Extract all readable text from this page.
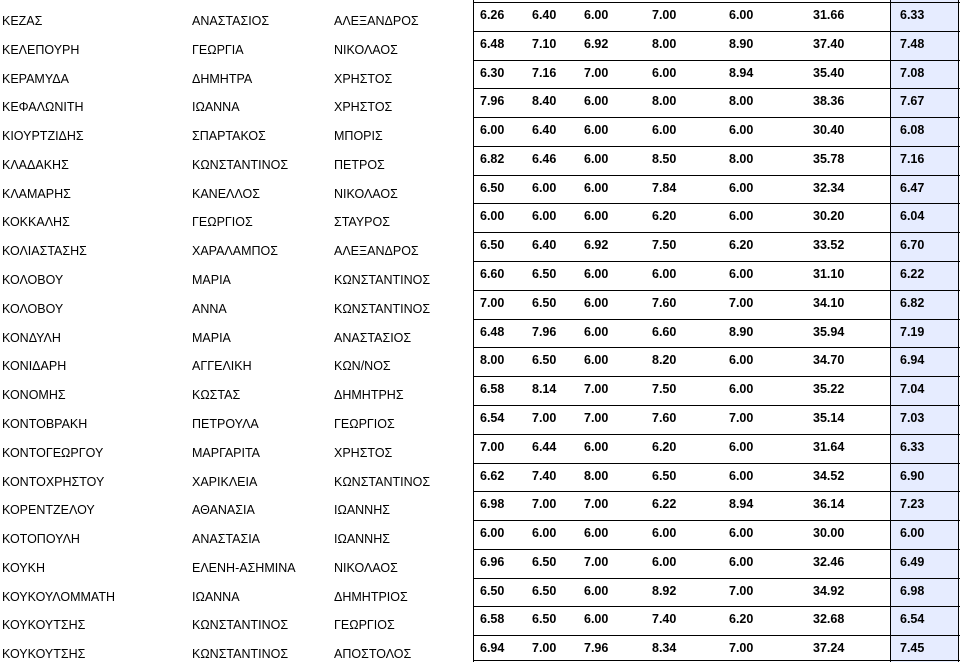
ΚΕΖΑΣ	ΑΝΑΣΤΑΣΙΟΣ	ΑΛΕΞΑΝΔΡΟΣ	6.26 6.40 6.00	7.00	6.00	31.66	6.33
ΚΕΛΕΠΟΥΡΗ	ΓΕΩΡΓΙΑ	ΝΙΚΟΛΑΟΣ	6.48 7.10 6.92	8.00	8.90	37.40	7.48
ΚΕΡΑΜΥΔΑ	ΔΗΜΗΤΡΑ	ΧΡΗΣΤΟΣ	6.30 7.16 7.00	6.00	8.94	35.40	7.08
ΚΕΦΑΛΩΝΙΤΗ	ΙΩΑΝΝΑ	ΧΡΗΣΤΟΣ	7.96 8.40 6.00	8.00	8.00	38.36	7.67
ΚΙΟΥΡΤΖΙΔΗΣ	ΣΠΑΡΤΑΚΟΣ	ΜΠΟΡΙΣ	6.00 6.40 6.00	6.00	6.00	30.40	6.08
ΚΛΑΔΑΚΗΣ	ΚΩΝΣΤΑΝΤΙΝΟΣ	ΠΕΤΡΟΣ	6.82 6.46 6.00	8.50	8.00	35.78	7.16
ΚΛΑΜΑΡΗΣ	ΚΑΝΕΛΛΟΣ	ΝΙΚΟΛΑΟΣ	6.50 6.00 6.00	7.84	6.00	32.34	6.47
ΚΟΚΚΑΛΗΣ	ΓΕΩΡΓΙΟΣ	ΣΤΑΥΡΟΣ	6.00 6.00 6.00	6.20	6.00	30.20	6.04
ΚΟΛΙΑΣΤΑΣΗΣ	ΧΑΡΑΛΑΜΠΟΣ	ΑΛΕΞΑΝΔΡΟΣ	6.50 6.40 6.92	7.50	6.20	33.52	6.70
ΚΟΛΟΒΟΥ	ΜΑΡΙΑ	ΚΩΝΣΤΑΝΤΙΝΟΣ	6.60 6.50 6.00	6.00	6.00	31.10	6.22
ΚΟΛΟΒΟΥ	ΑΝΝΑ	ΚΩΝΣΤΑΝΤΙΝΟΣ	7.00 6.50 6.00	7.60	7.00	34.10	6.82
ΚΟΝΔΥΛΗ	ΜΑΡΙΑ	ΑΝΑΣΤΑΣΙΟΣ	6.48 7.96 6.00	6.60	8.90	35.94	7.19
ΚΟΝΙΔΑΡΗ	ΑΓΓΕΛΙΚΗ	ΚΩΝ/ΝΟΣ	8.00 6.50 6.00	8.20	6.00	34.70	6.94
ΚΟΝΟΜΗΣ	ΚΩΣΤΑΣ	ΔΗΜΗΤΡΗΣ	6.58 8.14 7.00	7.50	6.00	35.22	7.04
ΚΟΝΤΟΒΡΑΚΗ	ΠΕΤΡΟΥΛΑ	ΓΕΩΡΓΙΟΣ	6.54 7.00 7.00	7.60	7.00	35.14	7.03
ΚΟΝΤΟΓΕΩΡΓΟΥ	ΜΑΡΓΑΡΙΤΑ	ΧΡΗΣΤΟΣ	7.00 6.44 6.00	6.20	6.00	31.64	6.33
ΚΟΝΤΟΧΡΗΣΤΟΥ	ΧΑΡΙΚΛΕΙΑ	ΚΩΝΣΤΑΝΤΙΝΟΣ	6.62 7.40 8.00	6.50	6.00	34.52	6.90
ΚΟΡΕΝΤΖΕΛΟΥ	ΑΘΑΝΑΣΙΑ	ΙΩΑΝΝΗΣ	6.98 7.00 7.00	6.22	8.94	36.14	7.23
ΚΟΤΟΠΟΥΛΗ	ΑΝΑΣΤΑΣΙΑ	ΙΩΑΝΝΗΣ	6.00 6.00 6.00	6.00	6.00	30.00	6.00
ΚΟΥΚΗ	ΕΛΕΝΗ-ΑΣΗΜΙΝΑ	ΝΙΚΟΛΑΟΣ	6.96 6.50 7.00	6.00	6.00	32.46	6.49
ΚΟΥΚΟΥΛΟΜΜΑΤΗ	ΙΩΑΝΝΑ	ΔΗΜΗΤΡΙΟΣ	6.50 6.50 6.00	8.92	7.00	34.92	6.98
ΚΟΥΚΟΥΤΣΗΣ	ΚΩΝΣΤΑΝΤΙΝΟΣ	ΓΕΩΡΓΙΟΣ	6.58 6.50 6.00	7.40	6.20	32.68	6.54
ΚΟΥΚΟΥΤΣΗΣ	ΚΩΝΣΤΑΝΤΙΝΟΣ	ΑΠΟΣΤΟΛΟΣ	6.94 7.00 7.96	8.34	7.00	37.24	7.45
